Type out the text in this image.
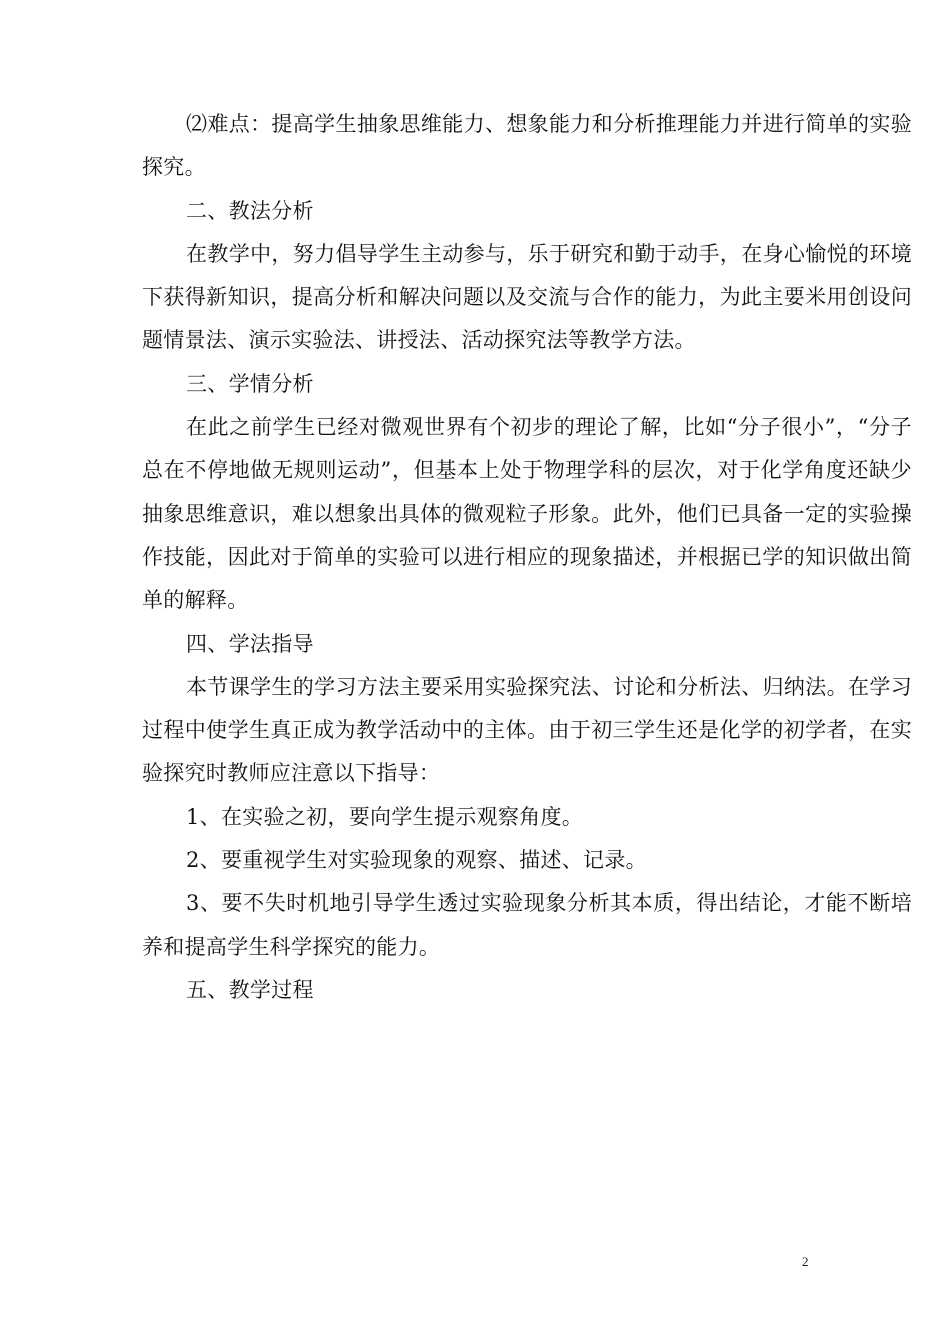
⑵难点：提高学生抽象思维能力、想象能力和分析推理能力并进行简单的实验探究。

二、教法分析

在教学中，努力倡导学生主动参与，乐于研究和勤于动手，在身心愉悦的环境下获得新知识，提高分析和解决问题以及交流与合作的能力，为此主要米用创设问题情景法、演示实验法、讲授法、活动探究法等教学方法。

三、学情分析

在此之前学生已经对微观世界有个初步的理论了解，比如“分子很小”，“分子总在不停地做无规则运动”，但基本上处于物理学科的层次，对于化学角度还缺少抽象思维意识，难以想象出具体的微观粒子形象。此外，他们已具备一定的实验操作技能，因此对于简单的实验可以进行相应的现象描述，并根据已学的知识做出简单的解释。

四、学法指导

本节课学生的学习方法主要采用实验探究法、讨论和分析法、归纳法。在学习过程中使学生真正成为教学活动中的主体。由于初三学生还是化学的初学者，在实验探究时教师应注意以下指导：

1、在实验之初，要向学生提示观察角度。

2、要重视学生对实验现象的观察、描述、记录。

3、要不失时机地引导学生透过实验现象分析其本质，得出结论，才能不断培养和提高学生科学探究的能力。

五、教学过程

2
